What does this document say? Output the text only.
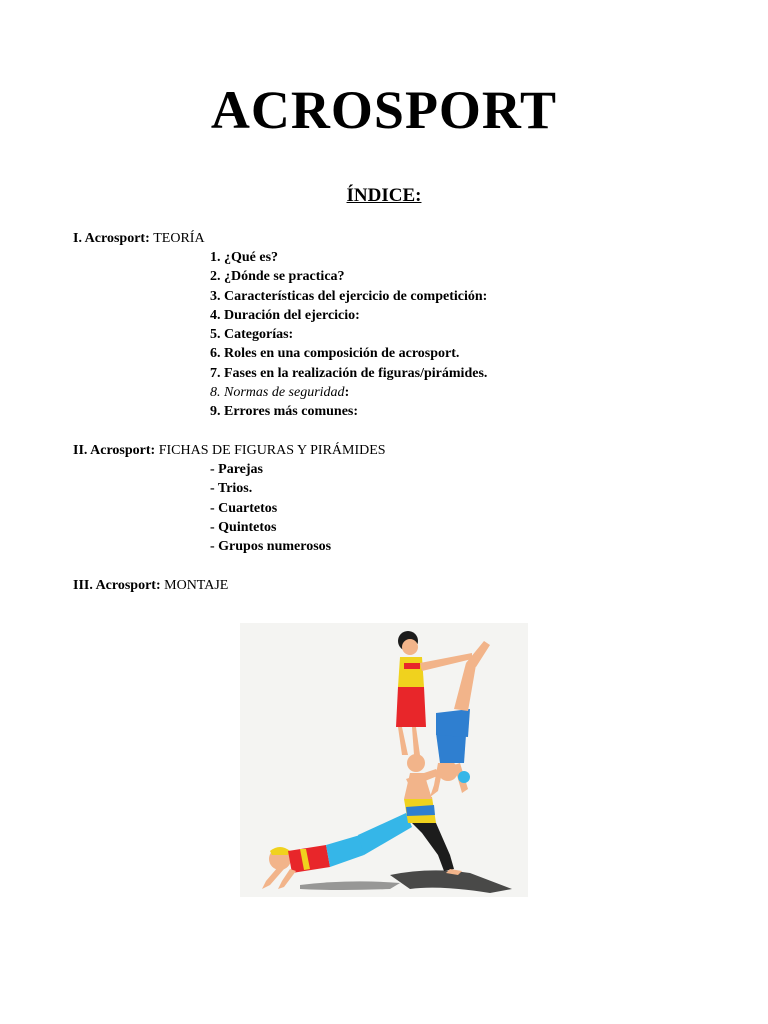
ACROSPORT
ÍNDICE:
I. Acrosport: TEORÍA
1. ¿Qué es?
2. ¿Dónde se practica?
3. Características del ejercicio de competición:
4. Duración del ejercicio:
5. Categorías:
6. Roles en una composición de acrosport.
7. Fases en la realización de figuras/pirámides.
8. Normas de seguridad:
9. Errores más comunes:
II. Acrosport: FICHAS DE FIGURAS Y PIRÁMIDES
- Parejas
- Trios.
- Cuartetos
- Quintetos
- Grupos numerosos
III. Acrosport: MONTAJE
